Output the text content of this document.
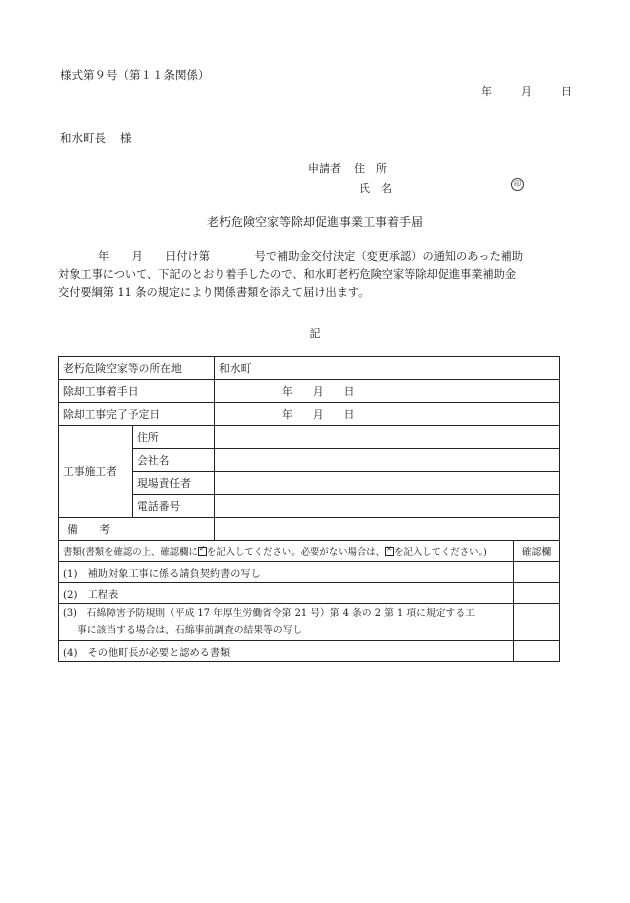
様式第９号（第１１条関係）
年	月	日
和水町長 様
申請者 住　所
氏　名	印
老朽危険空家等除却促進事業工事着手届
年　　月　　日付け第　　　　号で補助金交付決定（変更承認）の通知のあった補助
対象工事について、下記のとおり着手したので、和水町老朽危険空家等除却促進事業補助金
交付要綱第 11 条の規定により関係書類を添えて届け出ます。
記
老朽危険空家等の所在地		和水町
除却工事着手日		年 月 日
除却工事完了予定日		年 月 日
工事施工者	住所	
	会社名	
	現場責任者	
	電話番号	
備　　考		
書類(書類を確認の上、確認欄に ✓ を記入してください。必要がない場合は、 ✕ を記入してください。)	確認欄
(1)　補助対象工事に係る請負契約書の写し	
(2)　工程表	

(3)　石綿障害予防規則（平成 17 年厚生労働省令第 21 号）第 4 条の 2 第 1 項に規定する工
事に該当する場合は、石綿事前調査の結果等の写し	

(4)　その他町長が必要と認める書類	
